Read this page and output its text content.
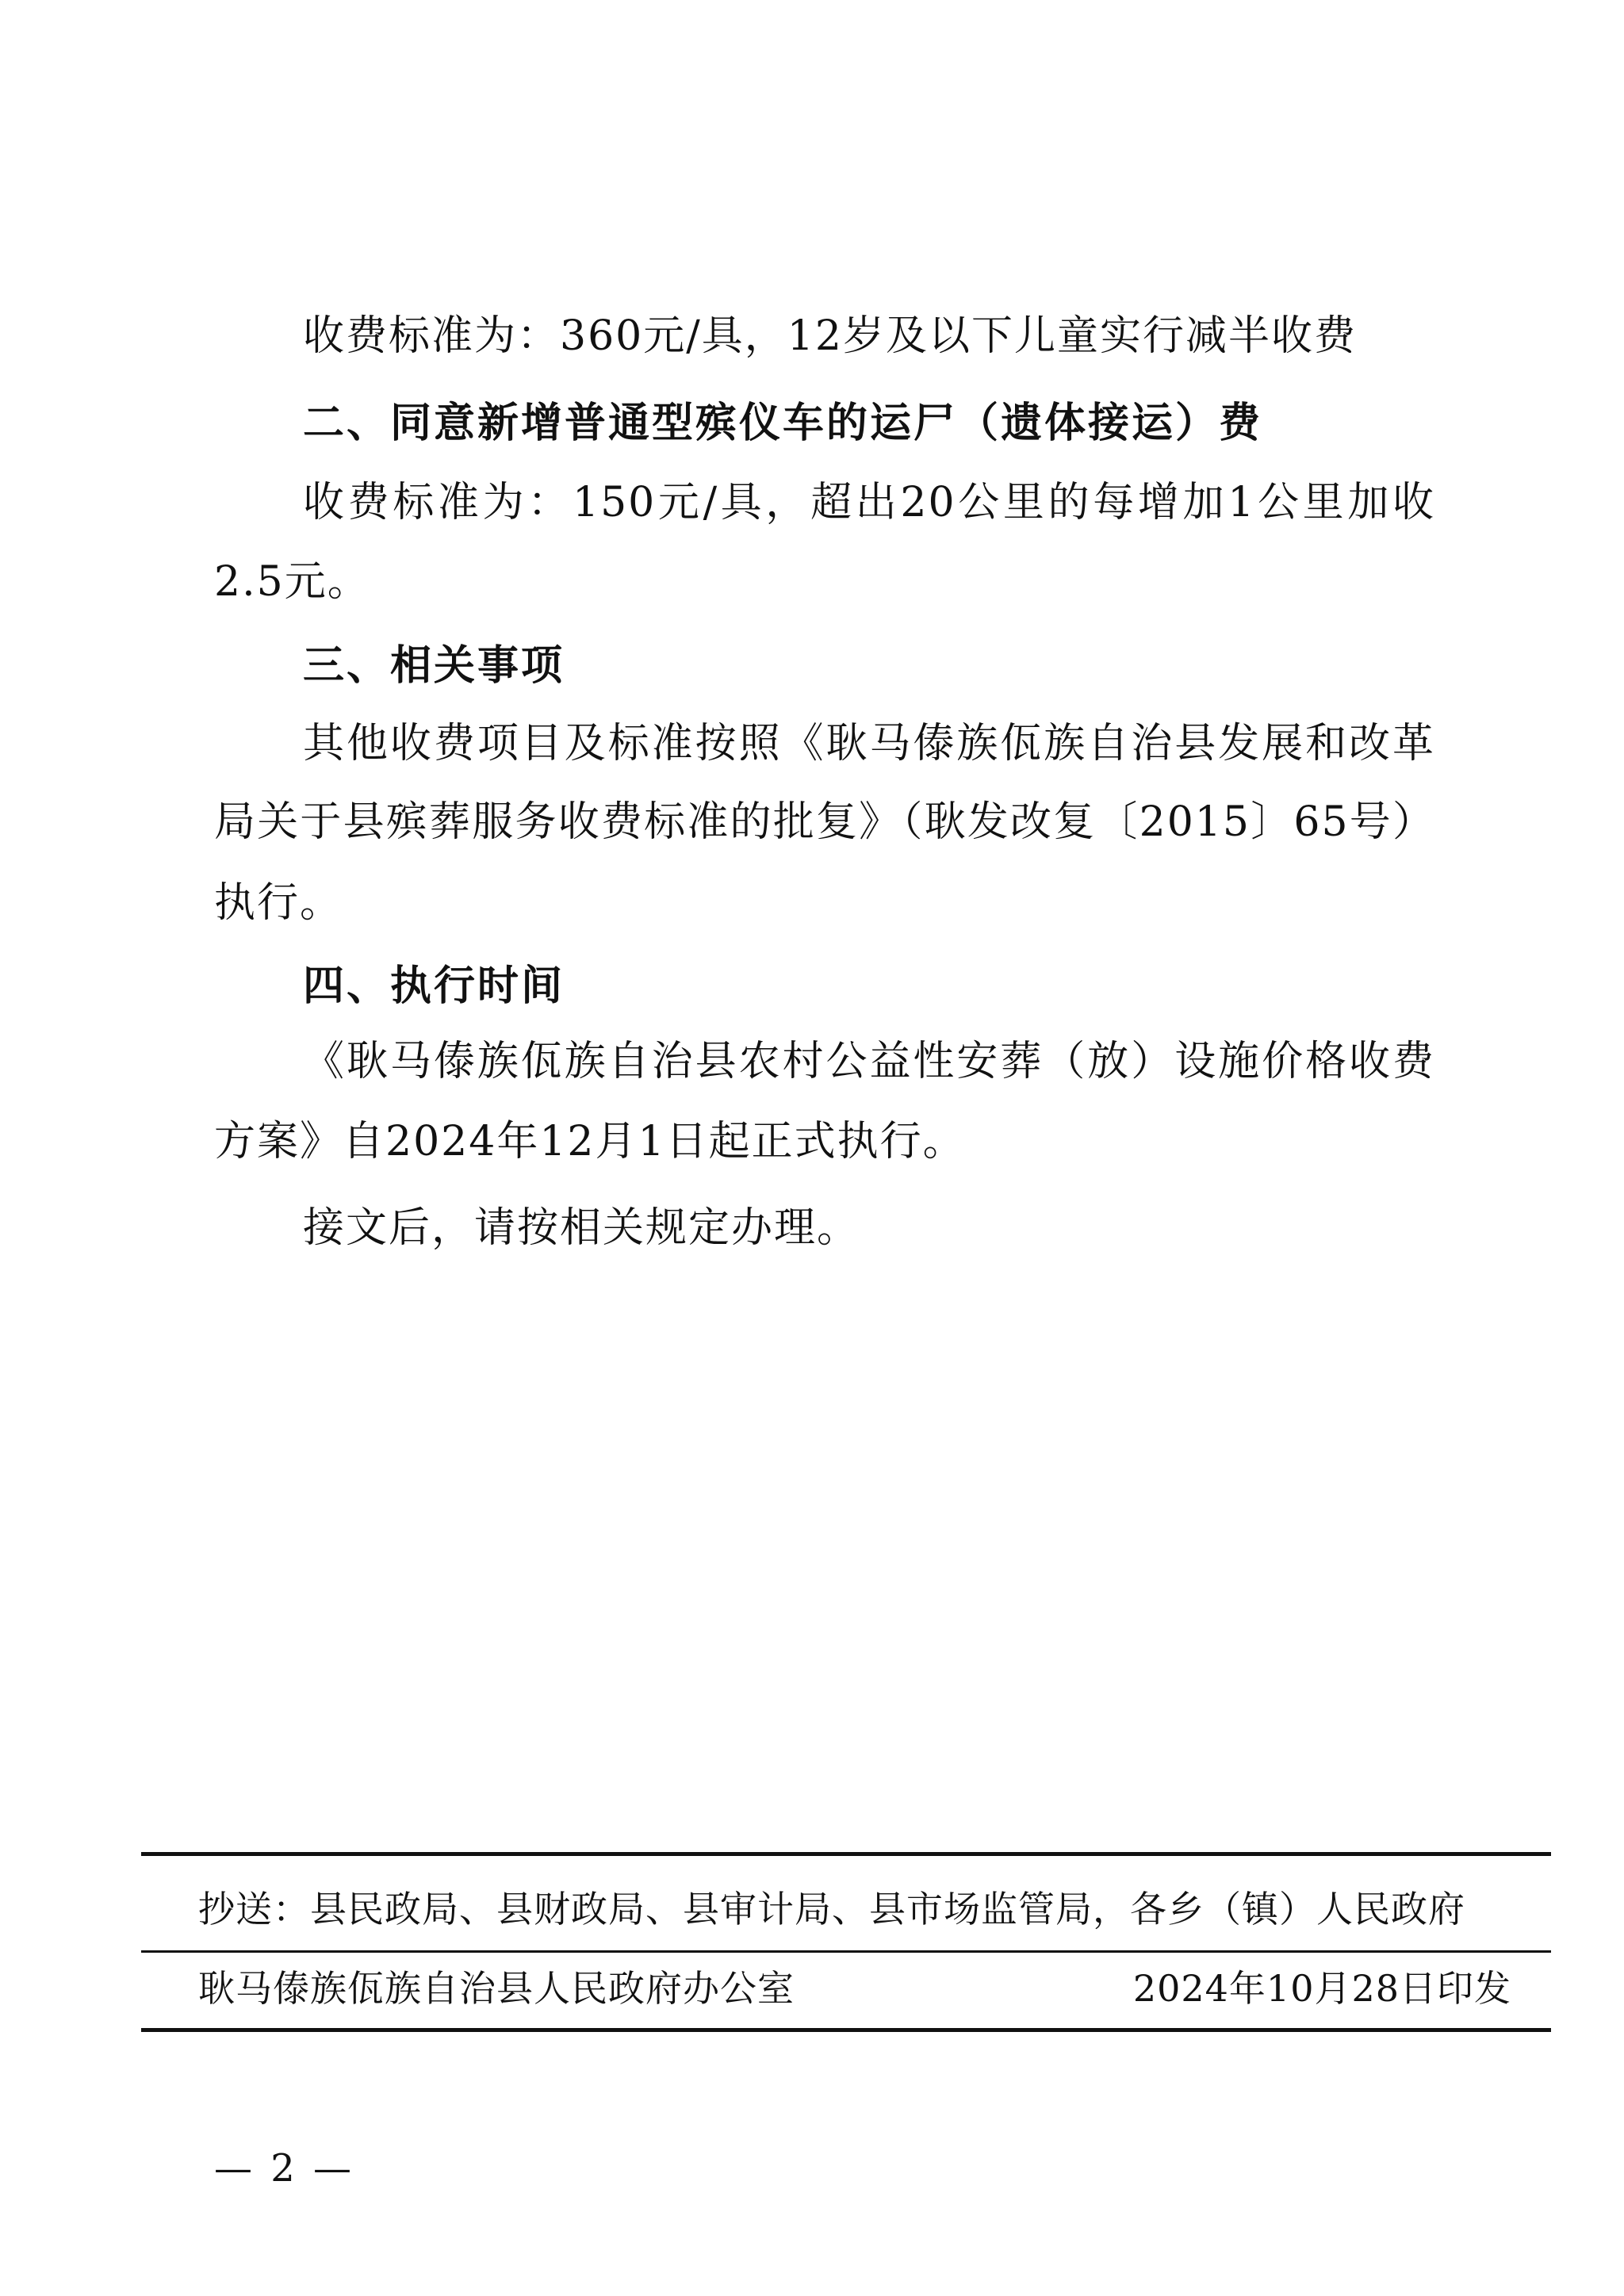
收费标准为：360元/具，12岁及以下儿童实行减半收费
二、同意新增普通型殡仪车的运尸（遗体接运）费
收费标准为：150元/具，超出20公里的每增加1公里加收
2.5元。
三、相关事项
其他收费项目及标准按照《耿马傣族佤族自治县发展和改革
局关于县殡葬服务收费标准的批复》（耿发改复〔2015〕65号）
执行。
四、执行时间
《耿马傣族佤族自治县农村公益性安葬（放）设施价格收费
方案》自2024年12月1日起正式执行。
接文后，请按相关规定办理。
抄送：县民政局、县财政局、县审计局、县市场监管局，各乡（镇）人民政府
耿马傣族佤族自治县人民政府办公室	2024年10月28日印发
— 2 —
